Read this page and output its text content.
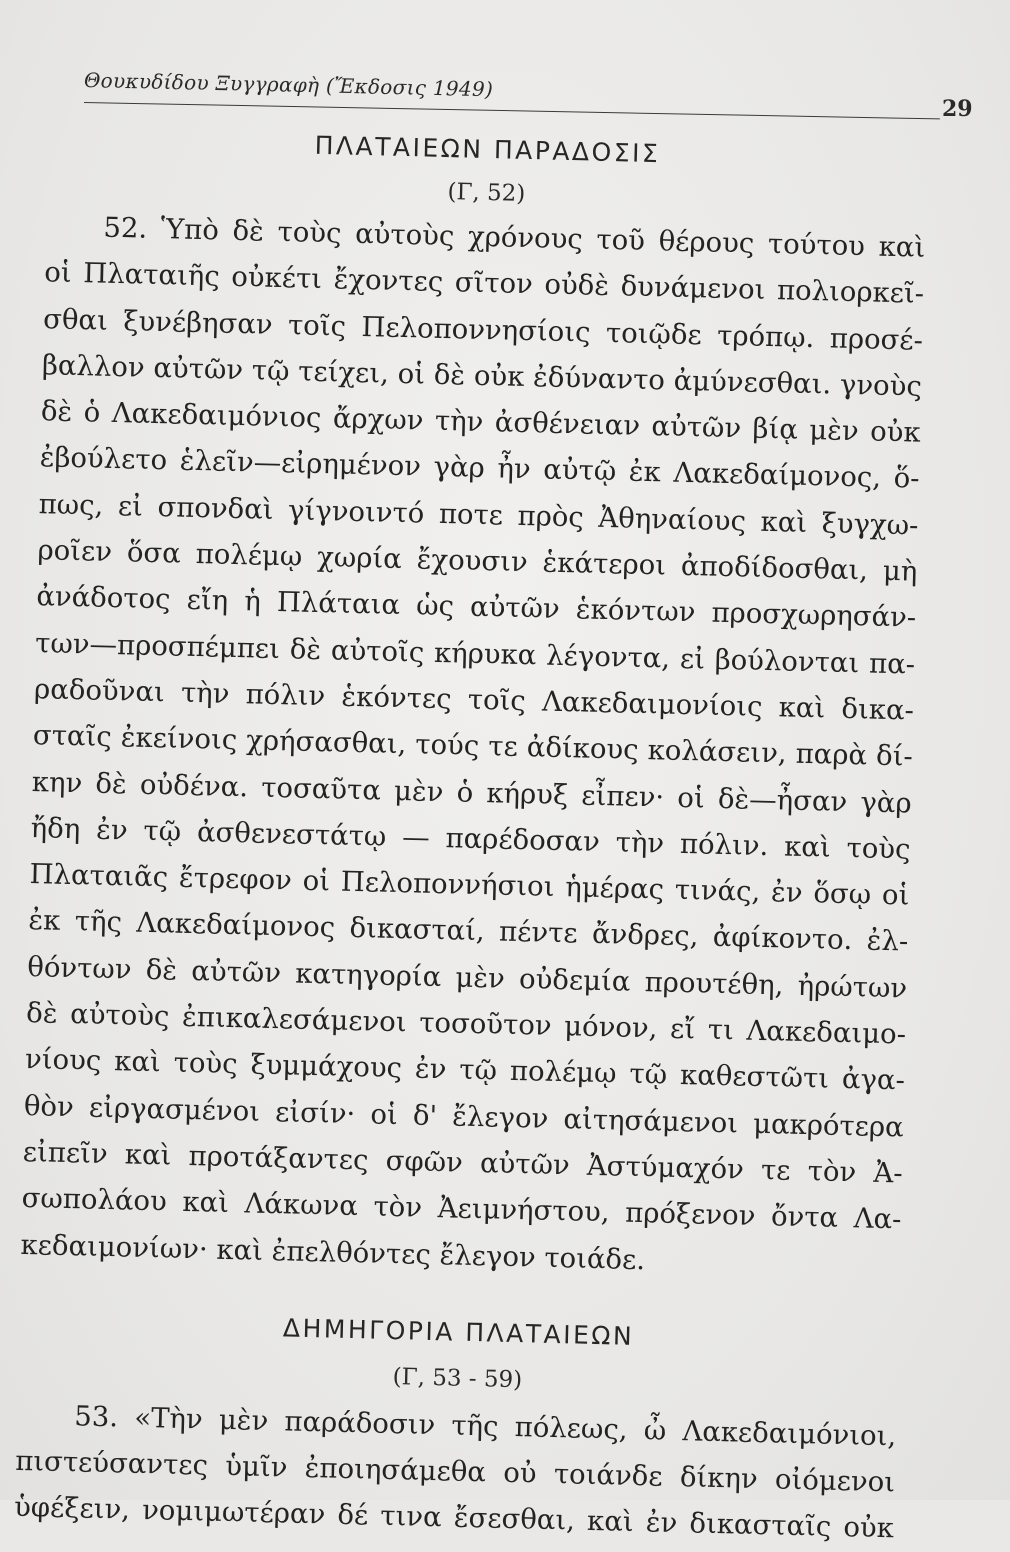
Θουκυδίδου Ξυγγραφὴ (Ἔκδοσις 1949)
29
ΠΛΑΤΑΙΕΩΝ ΠΑΡΑΔΟΣΙΣ
(Γ, 52)
52. Ὑπὸ δὲ τοὺς αὐτοὺς χρόνους τοῦ θέρους τούτου καὶ
οἱ Πλαταιῆς οὐκέτι ἔχοντες σῖτον οὐδὲ δυνάμενοι πολιορκεῖ-
σθαι ξυνέβησαν τοῖς Πελοποννησίοις τοιῷδε τρόπῳ. προσέ-
βαλλον αὐτῶν τῷ τείχει, οἱ δὲ οὐκ ἐδύναντο ἀμύνεσθαι. γνοὺς
δὲ ὁ Λακεδαιμόνιος ἄρχων τὴν ἀσθένειαν αὐτῶν βίᾳ μὲν οὐκ
ἐβούλετο ἑλεῖν—εἰρημένον γὰρ ἦν αὐτῷ ἐκ Λακεδαίμονος, ὅ-
πως, εἰ σπονδαὶ γίγνοιντό ποτε πρὸς Ἀθηναίους καὶ ξυγχω-
ροῖεν ὅσα πολέμῳ χωρία ἔχουσιν ἑκάτεροι ἀποδίδοσθαι, μὴ
ἀνάδοτος εἴη ἡ Πλάταια ὡς αὐτῶν ἑκόντων προσχωρησάν-
των—προσπέμπει δὲ αὐτοῖς κήρυκα λέγοντα, εἰ βούλονται πα-
ραδοῦναι τὴν πόλιν ἑκόντες τοῖς Λακεδαιμονίοις καὶ δικα-
σταῖς ἐκείνοις χρήσασθαι, τούς τε ἀδίκους κολάσειν, παρὰ δί-
κην δὲ οὐδένα. τοσαῦτα μὲν ὁ κήρυξ εἶπεν· οἱ δὲ—ἦσαν γὰρ
ἤδη ἐν τῷ ἀσθενεστάτῳ — παρέδοσαν τὴν πόλιν. καὶ τοὺς
Πλαταιᾶς ἔτρεφον οἱ Πελοποννήσιοι ἡμέρας τινάς, ἐν ὅσῳ οἱ
ἐκ τῆς Λακεδαίμονος δικασταί, πέντε ἄνδρες, ἀφίκοντο. ἐλ-
θόντων δὲ αὐτῶν κατηγορία μὲν οὐδεμία προυτέθη, ἠρώτων
δὲ αὐτοὺς ἐπικαλεσάμενοι τοσοῦτον μόνον, εἴ τι Λακεδαιμο-
νίους καὶ τοὺς ξυμμάχους ἐν τῷ πολέμῳ τῷ καθεστῶτι ἀγα-
θὸν εἰργασμένοι εἰσίν· οἱ δ' ἔλεγον αἰτησάμενοι μακρότερα
εἰπεῖν καὶ προτάξαντες σφῶν αὐτῶν Ἀστύμαχόν τε τὸν Ἀ-
σωπολάου καὶ Λάκωνα τὸν Ἀειμνήστου, πρόξενον ὄντα Λα-
κεδαιμονίων· καὶ ἐπελθόντες ἔλεγον τοιάδε.
ΔΗΜΗΓΟΡΙΑ ΠΛΑΤΑΙΕΩΝ
(Γ, 53 - 59)
53. «Τὴν μὲν παράδοσιν τῆς πόλεως, ὦ Λακεδαιμόνιοι,
πιστεύσαντες ὑμῖν ἐποιησάμεθα οὐ τοιάνδε δίκην οἰόμενοι
ὑφέξειν, νομιμωτέραν δέ τινα ἔσεσθαι, καὶ ἐν δικασταῖς οὐκ
